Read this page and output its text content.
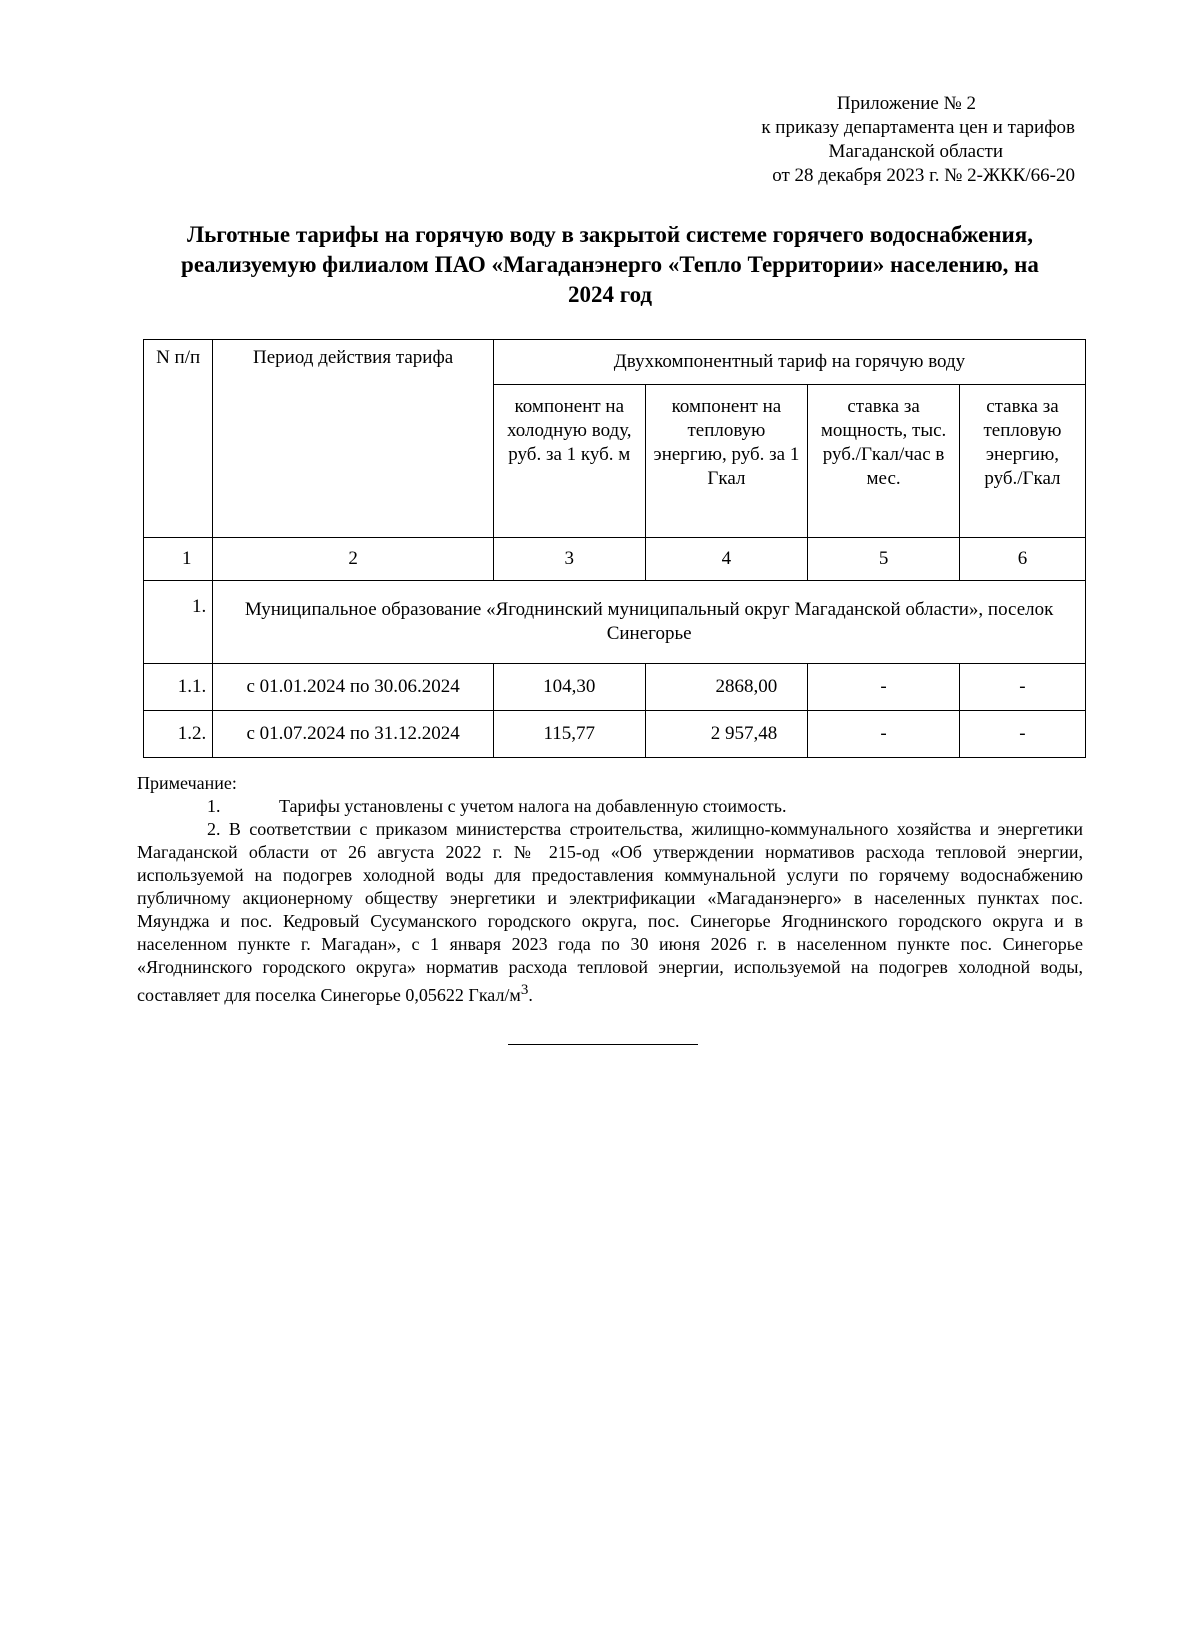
Приложение № 2
к приказу департамента цен и тарифов
Магаданской области
от 28 декабря 2023 г. № 2-ЖКК/66-20
Льготные тарифы на горячую воду в закрытой системе горячего водоснабжения, реализуемую филиалом ПАО «Магаданэнерго «Тепло Территории» населению, на 2024 год
N п/п	Период действия тарифа	Двухкомпонентный тариф на горячую воду			
		компонент на холодную воду, руб. за 1 куб. м	компонент на тепловую энергию, руб. за 1 Гкал	ставка за мощность, тыс. руб./Гкал/час в мес.	ставка за тепловую энергию, руб./Гкал
1	2	3	4	5	6
1.	Муниципальное образование «Ягоднинский муниципальный округ Магаданской области», поселок Синегорье				
1.1.	с 01.01.2024 по 30.06.2024	104,30	2868,00	-	-
1.2.	с 01.07.2024 по 31.12.2024	115,77	2 957,48	-	-
Примечание:
1.	Тарифы установлены с учетом налога на добавленную стоимость.
2. В соответствии с приказом министерства строительства, жилищно-коммунального хозяйства и энергетики Магаданской области от 26 августа 2022 г. № 215-од «Об утверждении нормативов расхода тепловой энергии, используемой на подогрев холодной воды для предоставления коммунальной услуги по горячему водоснабжению публичному акционерному обществу энергетики и электрификации «Магаданэнерго» в населенных пунктах пос. Мяунджа и пос. Кедровый Сусуманского городского округа, пос. Синегорье Ягоднинского городского округа и в населенном пункте г. Магадан», с 1 января 2023 года по 30 июня 2026 г. в населенном пункте пос. Синегорье «Ягоднинского городского округа» норматив расхода тепловой энергии, используемой на подогрев холодной воды, составляет для поселка Синегорье 0,05622 Гкал/$м^3$.
